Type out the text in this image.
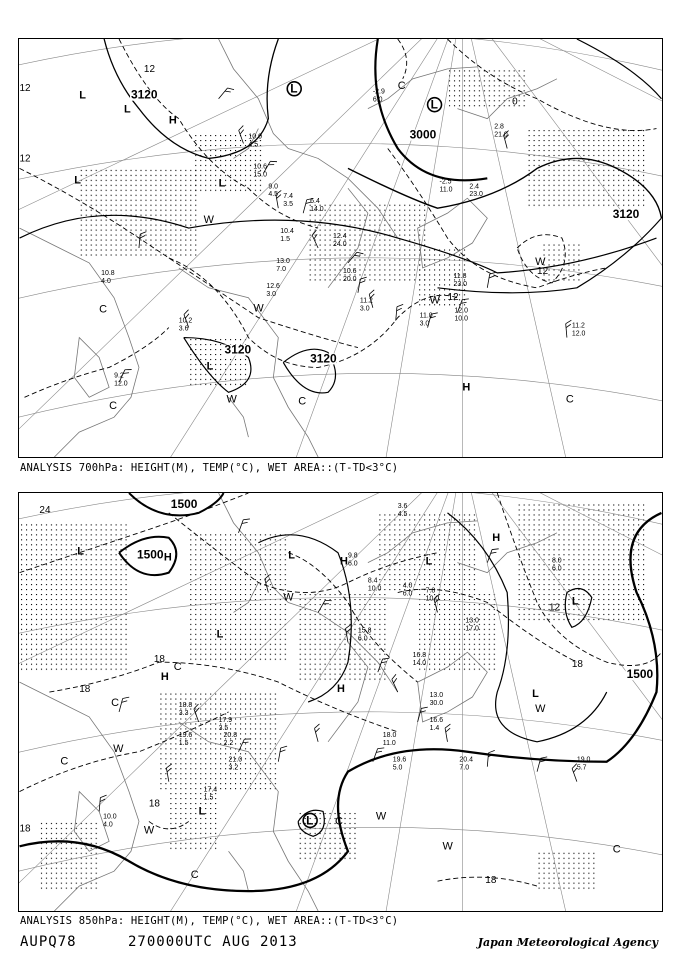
3120
3000
3120
3120
3120
12
12
12
12
12
0
L
L
L
L
L
L
L
H
H
W
W
W
W
W
C
C
C	C	C
10.0
4.5
10.6
15.0
9.0
4.5 7.4
3.5 6.4
14.0
10.4
1.5
13.0
7.0
12.6
3.0
12.4
24.0
10.6
20.0
11.2
3.0	12.0
10.0
11.2
12.0
11.0
3.0
9.2
12.0
10.2
3.6
11.8
23.0
2.4
23.0
2.8
21.0
-2.5
11.0
-2.9
6.0
10.8
4.0
ANALYSIS 700hPa: HEIGHT(M), TEMP(°C), WET AREA::(T-TD<3°C)
1500
1500
1500
24
12
18	18
18
18
18
18
L
L
L	L
L
L
L
L
H
H
H
H
H
W
W
W
W
W
W
C
C
C
C
C
C
3.6
4.5
9.8
6.0
8.4
10.0	7.8
10.0
4.0
6.0
13.0
17.0
15.8
6.0
16.8
14.0
19.6
1.5
20.8
2.2
21.0
3.2
18.0
11.0
19.6
5.0
20.4
7.0
19.0
5.7
17.4
1.5
18.8
3.3
17.9
3.5
13.0
30.0
16.6
1.4
8.0
6.0
10.0
4.0
ANALYSIS 850hPa: HEIGHT(M), TEMP(°C), WET AREA::(T-TD<3°C)
AUPQ78	270000UTC AUG 2013	Japan Meteorological Agency
